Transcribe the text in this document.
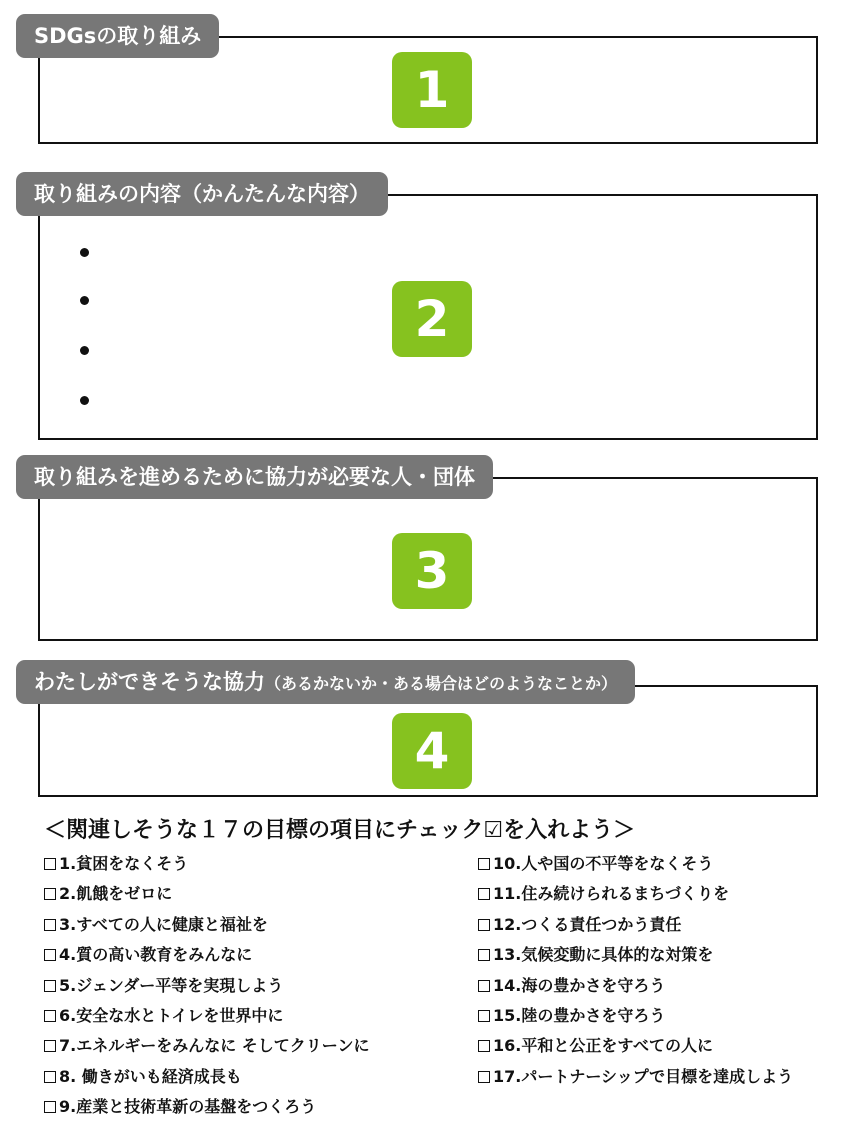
SDGsの取り組み
1
取り組みの内容（かんたんな内容）
2
取り組みを進めるために協力が必要な人・団体
3
わたしができそうな協力（あるかないか・ある場合はどのようなことか）
4
＜関連しそうな１７の目標の項目にチェック☑を入れよう＞
1.貧困をなくそう
2.飢餓をゼロに
3.すべての人に健康と福祉を
4.質の高い教育をみんなに
5.ジェンダー平等を実現しよう
6.安全な水とトイレを世界中に
7.エネルギーをみんなに そしてクリーンに
8. 働きがいも経済成長も
9.産業と技術革新の基盤をつくろう
10.人や国の不平等をなくそう
11.住み続けられるまちづくりを
12.つくる責任つかう責任
13.気候変動に具体的な対策を
14.海の豊かさを守ろう
15.陸の豊かさを守ろう
16.平和と公正をすべての人に
17.パートナーシップで目標を達成しよう
